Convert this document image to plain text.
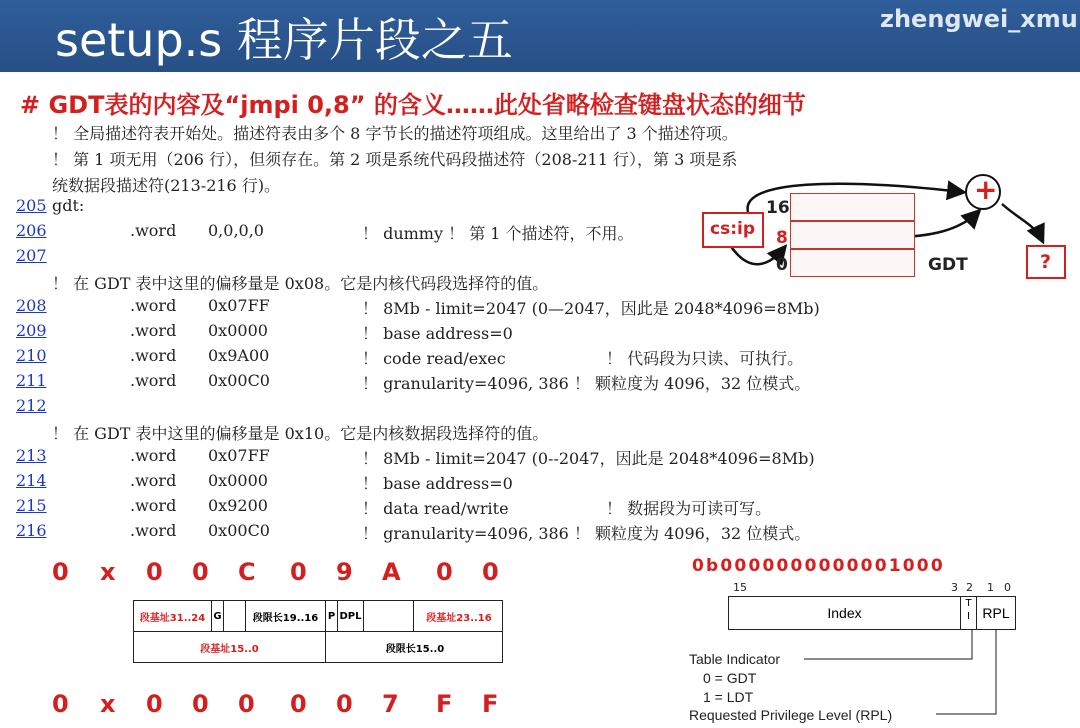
setup.s 程序片段之五	zhengwei_xmu
# GDT表的内容及“jmpi 0,8” 的含义……此处省略检查键盘状态的细节
！ 全局描述符表开始处。描述符表由多个 8 字节长的描述符项组成。这里给出了 3 个描述符项。
！ 第 1 项无用（206 行），但须存在。第 2 项是系统代码段描述符（208-211 行），第 3 项是系
统数据段描述符(213-216 行)。
205 gdt:
206	.word 0,0,0,0	！ dummy ！ 第 1 个描述符，不用。
207
！ 在 GDT 表中这里的偏移量是 0x08。它是内核代码段选择符的值。
208	.word 0x07FF	！ 8Mb - limit=2047 (0—2047，因此是 2048*4096=8Mb)
209	.word 0x0000	！ base address=0
210	.word 0x9A00	！ code read/exec	！ 代码段为只读、可执行。
211	.word 0x00C0	！ granularity=4096, 386 ！ 颗粒度为 4096，32 位模式。
212
！ 在 GDT 表中这里的偏移量是 0x10。它是内核数据段选择符的值。
213	.word 0x07FF	！ 8Mb - limit=2047 (0--2047，因此是 2048*4096=8Mb)
214	.word 0x0000	！ base address=0
215	.word 0x9200	！ data read/write	！ 数据段为可读可写。
216	.word 0x00C0	！ granularity=4096, 386 ！ 颗粒度为 4096，32 位模式。
cs:ip
16
8
0	GDT
+
?
0 x 0 0 C 0 9 A 0 0
0 x 0 0 0 0 0 7 F F
段基址31..24 G	段限长19..16 P DPL	段基址23..16
段基址15..0	段限长15..0
0b0000000000001000
15	3 2 1 0
Index
T
I RPL
Table Indicator
0 = GDT
1 = LDT
Requested Privilege Level (RPL)
